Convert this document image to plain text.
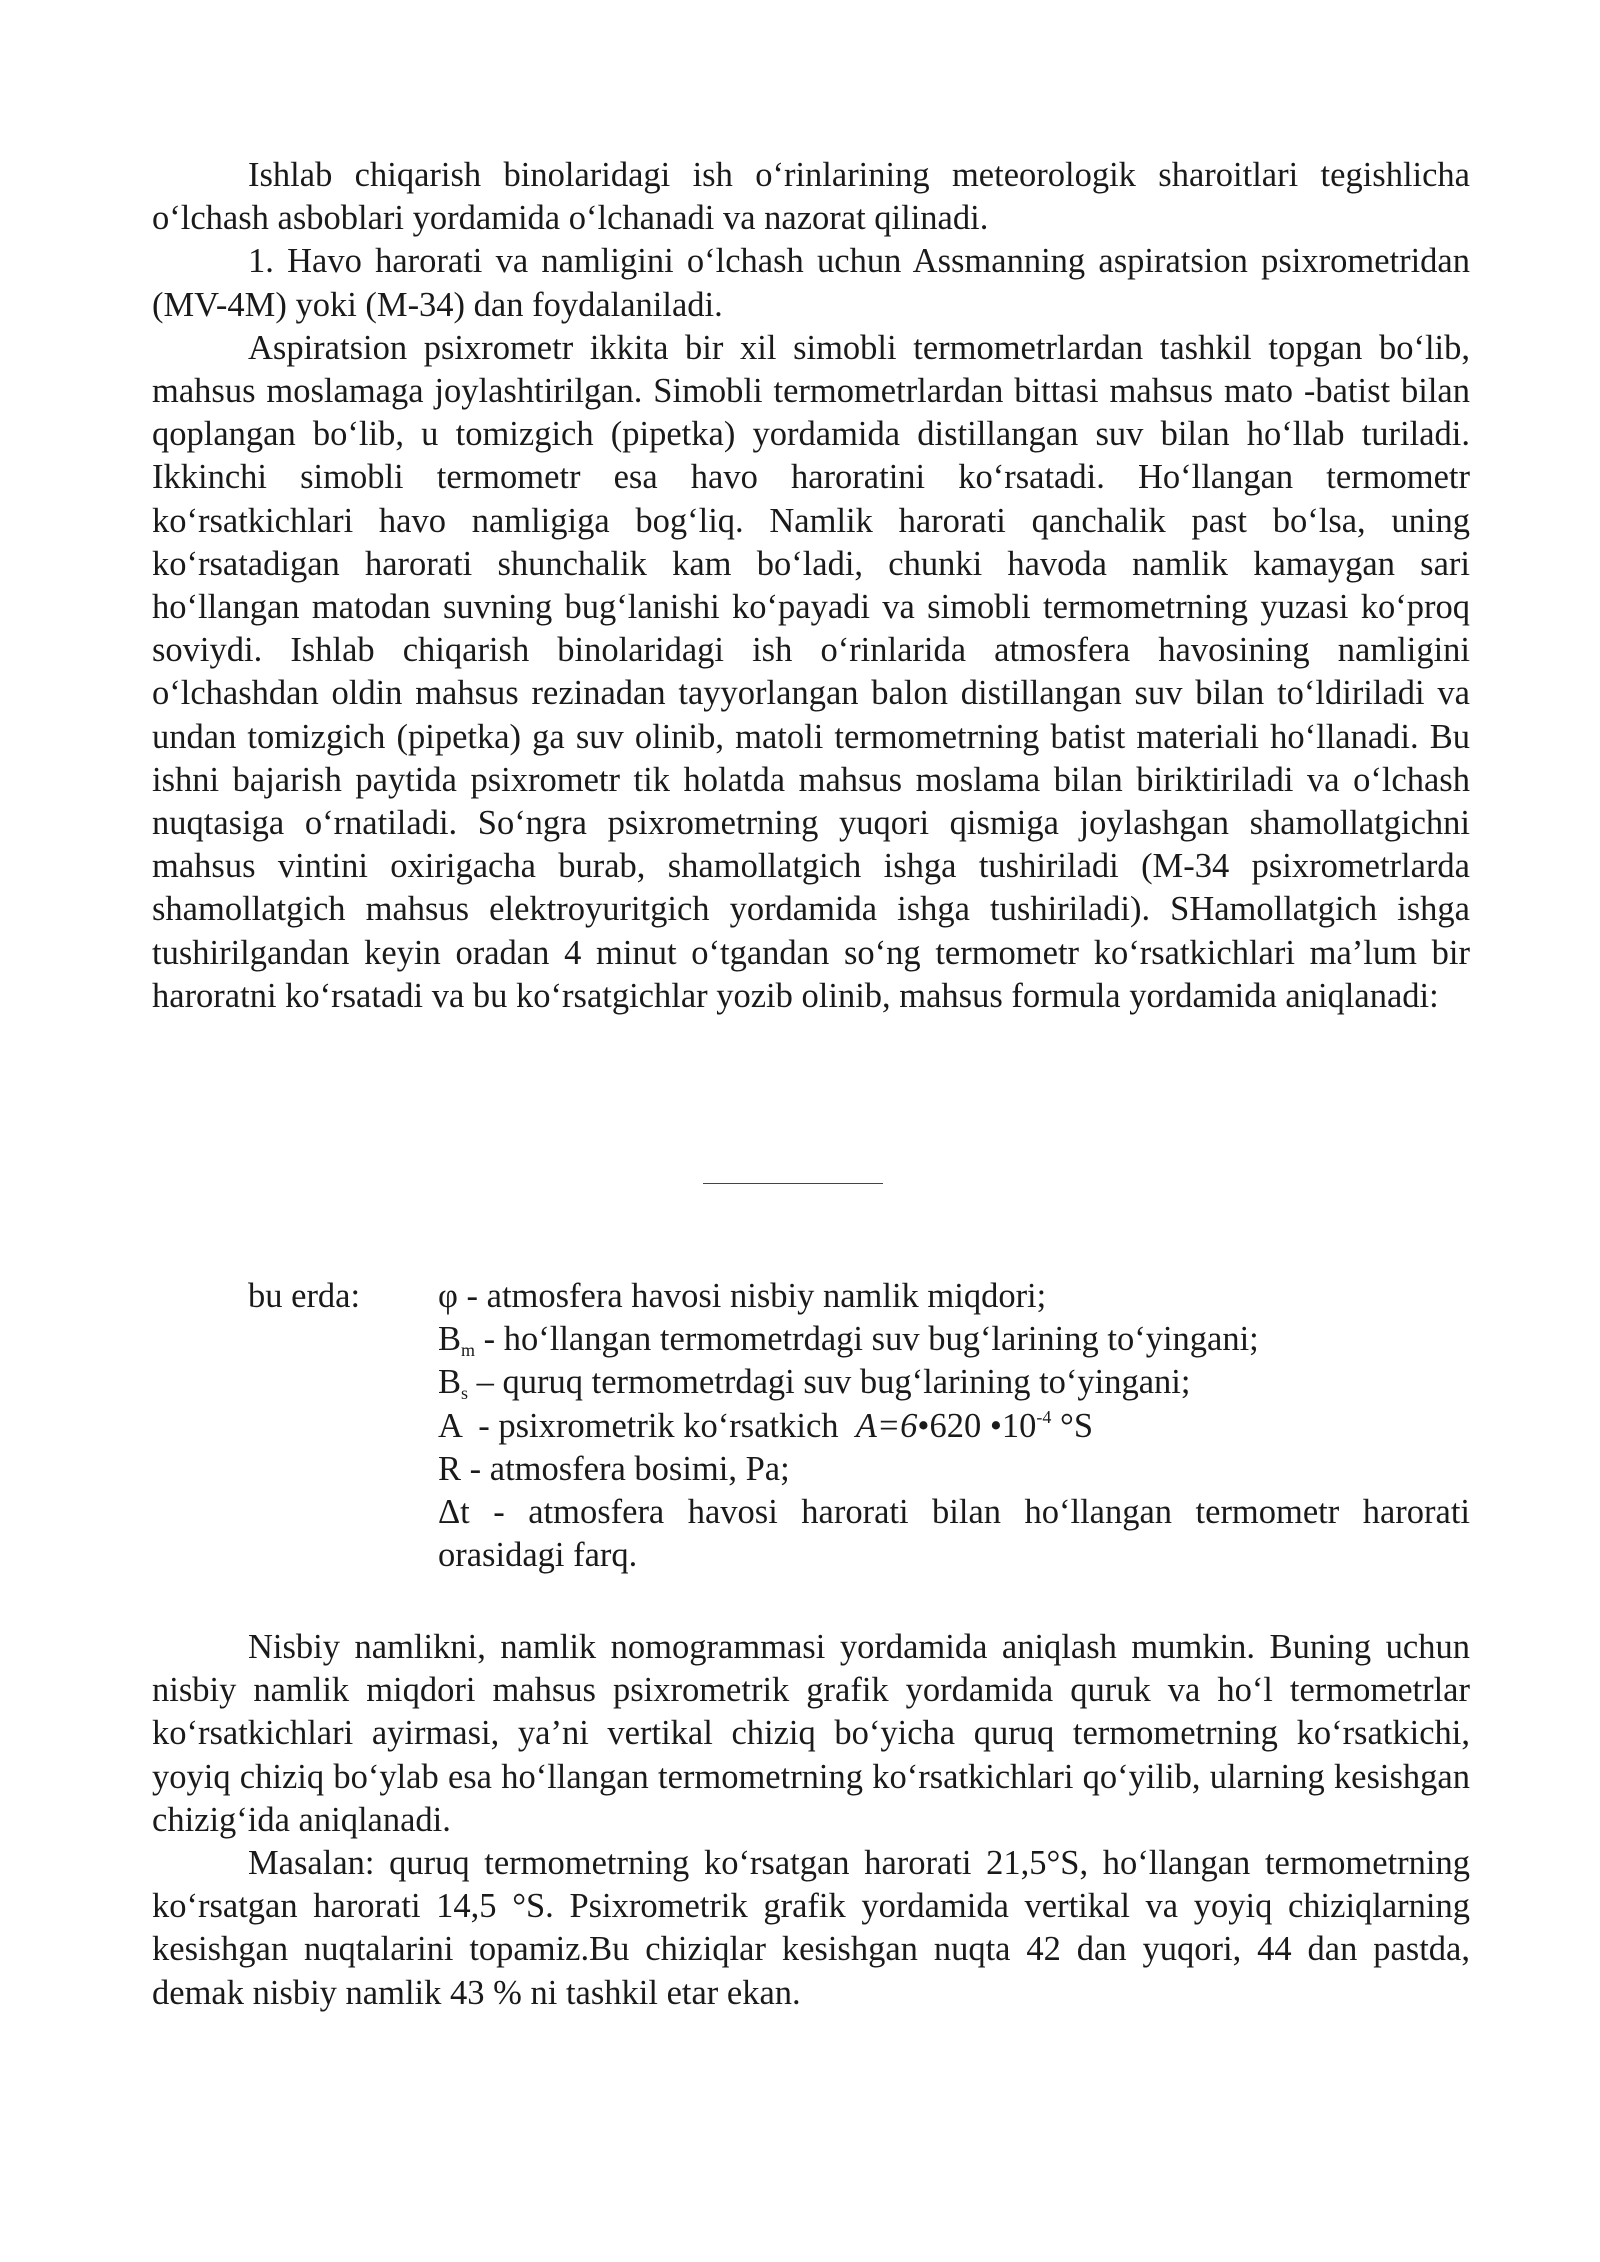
Ishlab chiqarish binolaridagi ish o‘rinlarining meteorologik sharoitlari tegishlicha o‘lchash asboblari yordamida o‘lchanadi va nazorat qilinadi.

1. Havo harorati va namligini o‘lchash uchun Assmanning aspiratsion psixrometridan (MV-4M) yoki (M-34) dan foydalaniladi.

Aspiratsion psixrometr ikkita bir xil simobli termometrlardan tashkil topgan bo‘lib, mahsus moslamaga joylashtirilgan. Simobli termometrlardan bittasi mahsus mato -batist bilan qoplangan bo‘lib, u tomizgich (pipetka) yordamida distillangan suv bilan ho‘llab turiladi. Ikkinchi simobli termometr esa havo haroratini ko‘rsatadi. Ho‘llangan termometr ko‘rsatkichlari havo namligiga bog‘liq. Namlik harorati qanchalik past bo‘lsa, uning ko‘rsatadigan harorati shunchalik kam bo‘ladi, chunki havoda namlik kamaygan sari ho‘llangan matodan suvning bug‘lanishi ko‘payadi va simobli termometrning yuzasi ko‘proq soviydi. Ishlab chiqarish binolaridagi ish o‘rinlarida atmosfera havosining namligini o‘lchashdan oldin mahsus rezinadan tayyorlangan balon distillangan suv bilan to‘ldiriladi va undan tomizgich (pipetka) ga suv olinib, matoli termometrning batist materiali ho‘llanadi. Bu ishni bajarish paytida psixrometr tik holatda mahsus moslama bilan biriktiriladi va o‘lchash nuqtasiga o‘rnatiladi. So‘ngra psixrometrning yuqori qismiga joylashgan shamollatgichni mahsus vintini oxirigacha burab, shamollatgich ishga tushiriladi (M-34 psixrometrlarda shamollatgich mahsus elektroyuritgich yordamida ishga tushiriladi). SHamollatgich ishga tushirilgandan keyin oradan 4 minut o‘tgandan so‘ng termometr ko‘rsatkichlari ma’lum bir haroratni ko‘rsatadi va bu ko‘rsatgichlar yozib olinib, mahsus formula yordamida aniqlanadi:

bu erda: φ - atmosfera havosi nisbiy namlik miqdori;

$B_m$ - ho‘llangan termometrdagi suv bug‘larining to‘yingani;

$B_s$ – quruq termometrdagi suv bug‘larining to‘yingani;

A  - psixrometrik ko‘rsatkich  A=6•620 $•10^{-4}$ °S

R - atmosfera bosimi, Pa;

Δt - atmosfera havosi harorati bilan ho‘llangan termometr harorati orasidagi farq.

Nisbiy namlikni, namlik nomogrammasi yordamida aniqlash mumkin. Buning uchun nisbiy namlik miqdori mahsus psixrometrik grafik yordamida quruk va ho‘l termometrlar ko‘rsatkichlari ayirmasi, ya’ni vertikal chiziq bo‘yicha quruq termometrning ko‘rsatkichi, yoyiq chiziq bo‘ylab esa ho‘llangan termometrning ko‘rsatkichlari qo‘yilib, ularning kesishgan chizig‘ida aniqlanadi.

Masalan: quruq termometrning ko‘rsatgan harorati 21,5°S, ho‘llangan termometrning ko‘rsatgan harorati 14,5 °S. Psixrometrik grafik yordamida vertikal va yoyiq chiziqlarning kesishgan nuqtalarini topamiz.Bu chiziqlar kesishgan nuqta 42 dan yuqori, 44 dan pastda, demak nisbiy namlik 43 % ni tashkil etar ekan.
